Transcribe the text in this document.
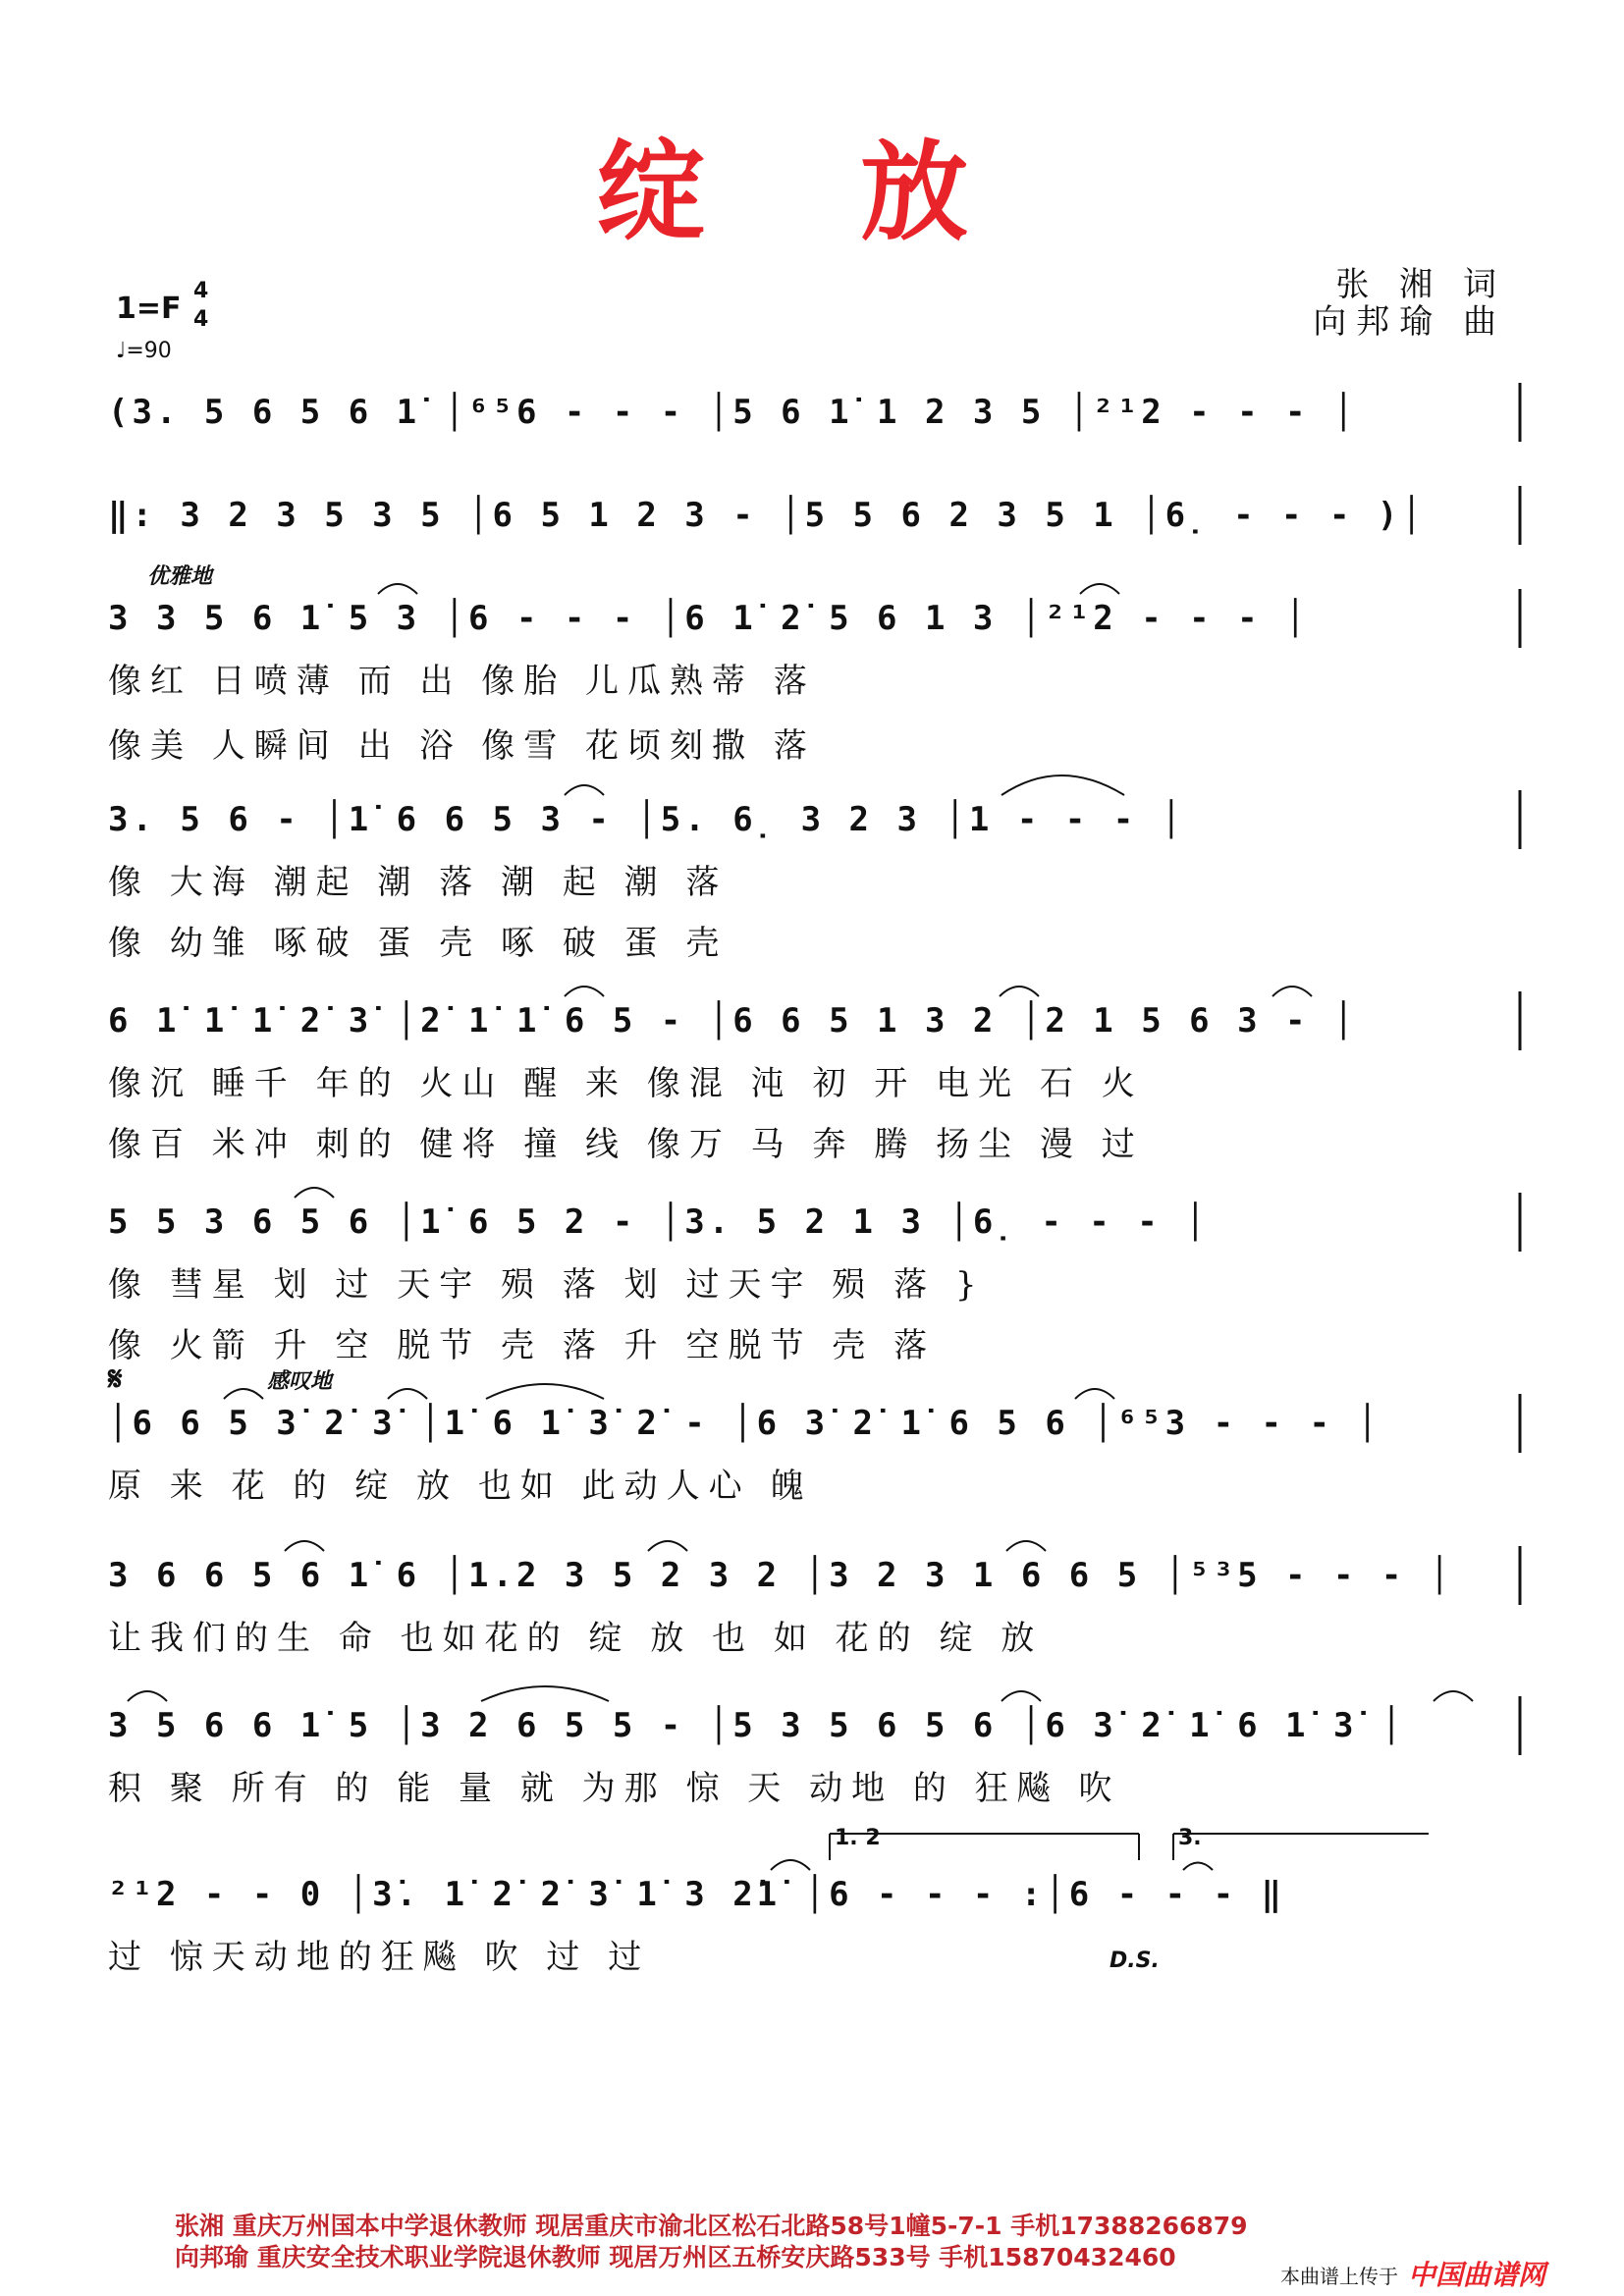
绽 放
张 湘 词
向邦瑜 曲
1=F
4
4
♩=90
(3. 5 6 5 6 1̇ │⁶⁵6 - - - │5 6 1̇ 1 2 3 5 │²¹2 - - - │
‖: 3 2 3 5 3 5 │6 5 1 2 3 - │5 5 6 2 3 5 1 │6̣ - - - )│
优雅地
3 3 5 6 1̇ 5 3 │6 - - - │6 1̇ 2̇ 5 6 1 3 │²¹2 - - - │
像红 日喷薄 而 出 像胎 儿瓜熟蒂 落
像美 人瞬间 出 浴 像雪 花顷刻撒 落
3. 5 6 - │1̇ 6 6 5 3 - │5. 6̣ 3 2 3 │1 - - - │
像 大海 潮起 潮 落 潮 起 潮 落
像 幼雏 啄破 蛋 壳 啄 破 蛋 壳
6 1̇ 1̇ 1̇ 2̇ 3̇ │2̇ 1̇ 1̇ 6 5 - │6 6 5 1 3 2 │2 1 5 6 3 - │
像沉 睡千 年的 火山 醒 来 像混 沌 初 开 电光 石 火
像百 米冲 刺的 健将 撞 线 像万 马 奔 腾 扬尘 漫 过
5 5 3 6 5 6 │1̇ 6 5 2 - │3. 5 2 1 3 │6̣ - - - │
像 彗星 划 过 天宇 殒 落 划 过天宇 殒 落 }
像 火箭 升 空 脱节 壳 落 升 空脱节 壳 落
𝄋	感叹地
│6 6 5 3̇ 2̇ 3̇ │1̇ 6 1̇ 3̇ 2̇ - │6 3̇ 2̇ 1̇ 6 5 6 │⁶⁵3 - - - │
原 来 花 的 绽 放 也如 此动人心 魄
3 6 6 5 6 1̇ 6 │1.2 3 5 2 3 2 │3 2 3 1 6 6 5 │⁵³5 - - - │
让我们的生 命 也如花的 绽 放 也 如 花的 绽 放
3 5 6 6 1̇ 5 │3 2 6 5 5 - │5 3 5 6 5 6 │6 3̇ 2̇ 1̇ 6 1̇ 3̇ │
积 聚 所有 的 能 量 就 为那 惊 天 动地 的 狂飚 吹
1. 2	3.
²¹2 - - 0 │3̇. 1̇ 2̇ 2̇ 3̇ 1̇ 3 2̇1̇ │6 - - - :│6 - - - ‖
过 惊天动地的狂飚 吹 过 过	D.S.
张湘 重庆万州国本中学退休教师 现居重庆市渝北区松石北路58号1幢5-7-1 手机17388266879
向邦瑜 重庆安全技术职业学院退休教师 现居万州区五桥安庆路533号 手机15870432460
本曲谱上传于 中国曲谱网
